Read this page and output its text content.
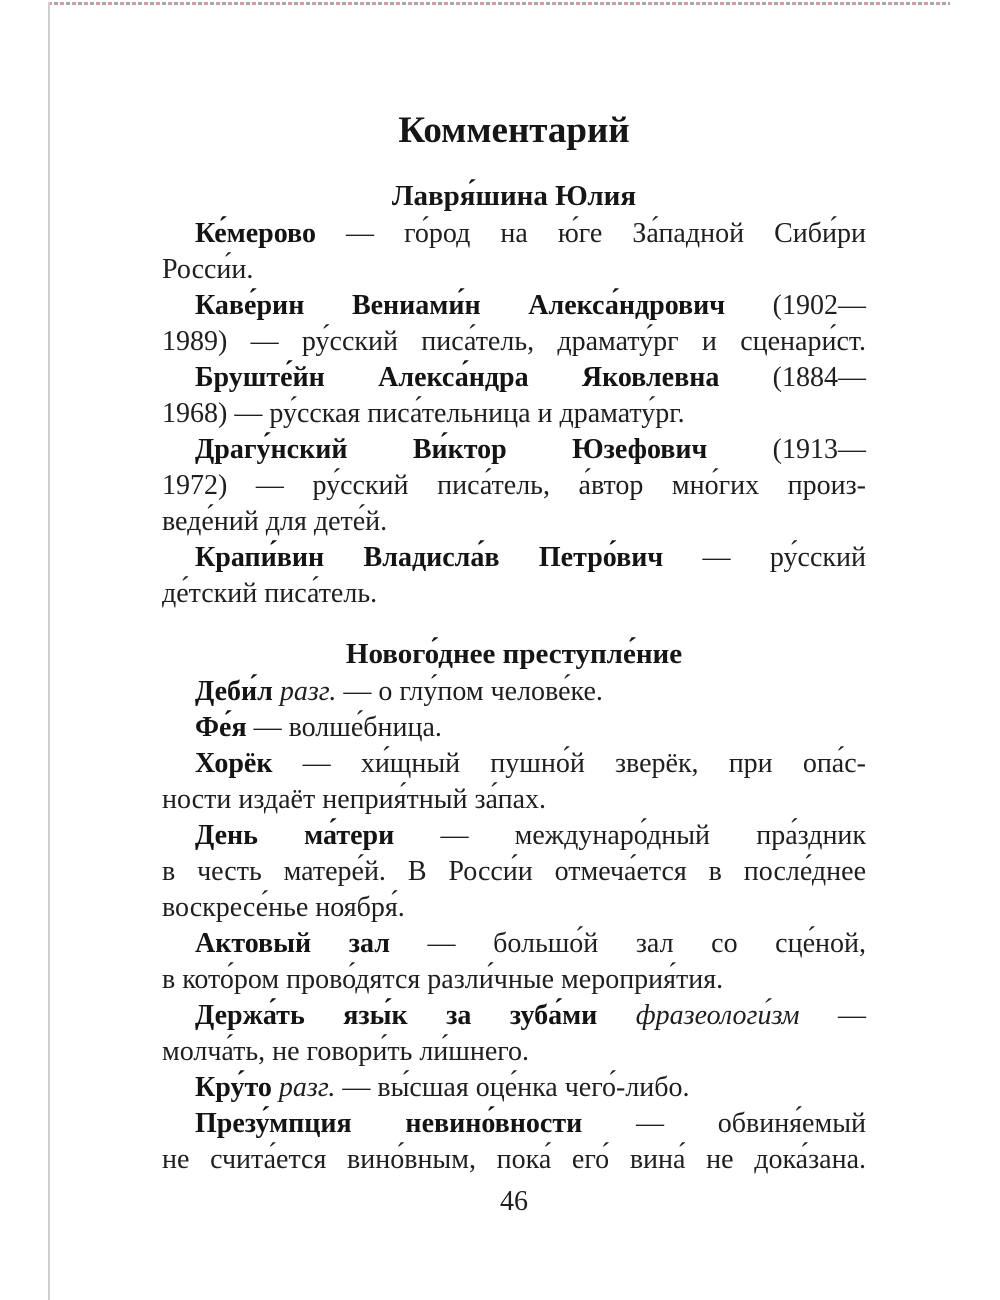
Комментарий
Лавря́шина Юлия
Ке́мерово — го́род на ю́ге За́падной Сиби́ри
Росси́и.
Каве́рин Вениами́н Алекса́ндрович (1902—
1989) — ру́сский писа́тель, драмату́рг и сценари́ст.
Бруште́йн Алекса́ндра Яковлевна (1884—
1968) — ру́сская писа́тельница и драмату́рг.
Драгу́нский Ви́ктор Юзефович (1913—
1972) — ру́сский писа́тель, а́втор мно́гих произ-
веде́ний для дете́й.
Крапи́вин Владисла́в Петро́вич — ру́сский
де́тский писа́тель.
Нового́днее преступле́ние
Деби́л разг. — о глу́пом челове́ке.
Фе́я — волше́бница.
Хорёк — хи́щный пушно́й зверёк, при опа́с-
ности издаёт неприя́тный за́пах.
День ма́тери — междунаро́дный пра́здник
в честь матере́й. В Росси́и отмеча́ется в после́днее
воскресе́нье ноября́.
Актовый зал — большо́й зал со сце́ной,
в кото́ром прово́дятся разли́чные мероприя́тия.
Держа́ть язы́к за зуба́ми фразеологи́зм —
молча́ть, не говори́ть ли́шнего.
Кру́то разг. — вы́сшая оце́нка чего́-либо.
Презу́мпция невино́вности — обвиня́емый
не счита́ется вино́вным, пока́ его́ вина́ не дока́зана.
46
